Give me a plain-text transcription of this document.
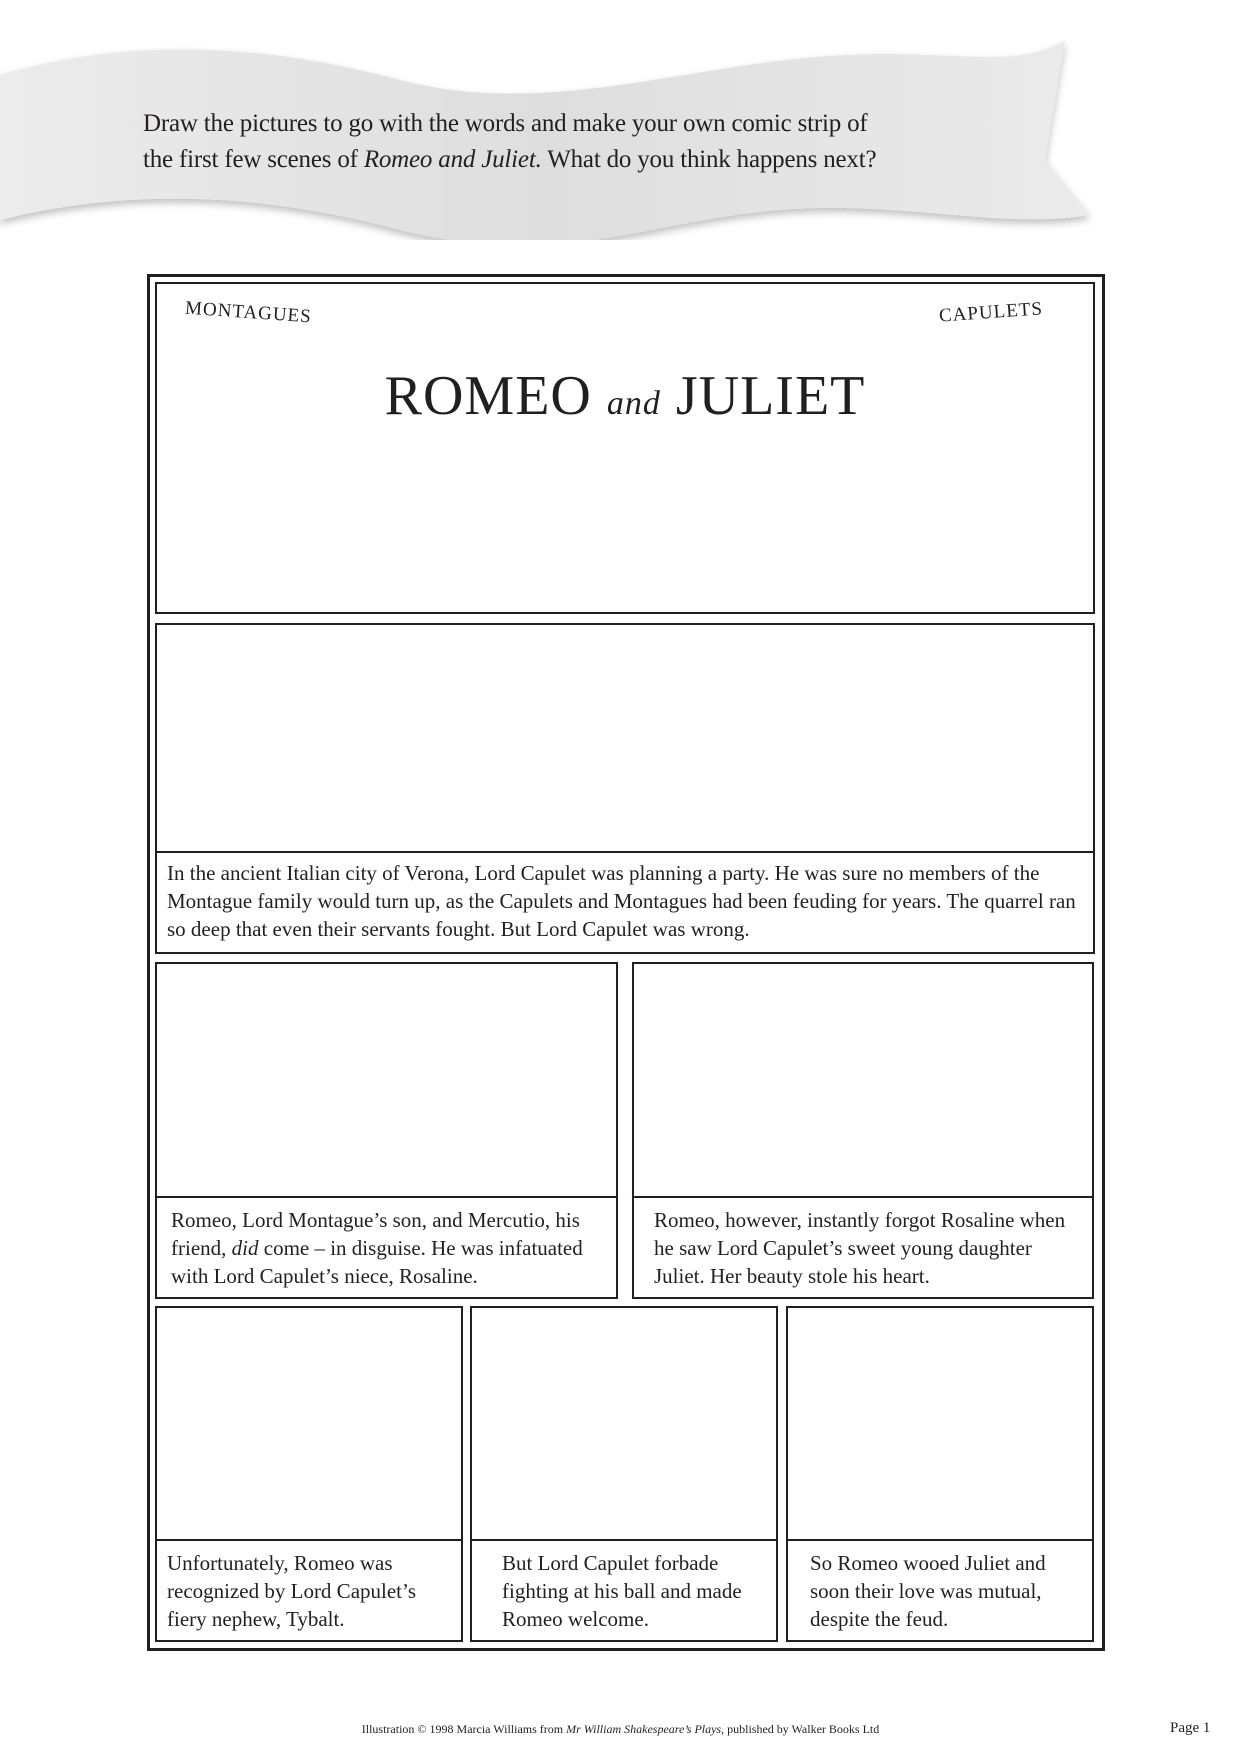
Draw the pictures to go with the words and make your own comic strip of
the first few scenes of Romeo and Juliet. What do you think happens next?
MONTAGUES	CAPULETS
ROMEO and JULIET
In the ancient Italian city of Verona, Lord Capulet was planning a party. He was sure no members of the Montague family would turn up, as the Capulets and Montagues had been feuding for years. The quarrel ran so deep that even their servants fought. But Lord Capulet was wrong.
Romeo, Lord Montague’s son, and Mercutio, his friend, did come – in disguise. He was infatuated with Lord Capulet’s niece, Rosaline.
Romeo, however, instantly forgot Rosaline when he saw Lord Capulet’s sweet young daughter Juliet. Her beauty stole his heart.
Unfortunately, Romeo was recognized by Lord Capulet’s fiery nephew, Tybalt.
But Lord Capulet forbade fighting at his ball and made Romeo welcome.
So Romeo wooed Juliet and soon their love was mutual, despite the feud.
Illustration © 1998 Marcia Williams from Mr William Shakespeare’s Plays, published by Walker Books Ltd	Page 1
